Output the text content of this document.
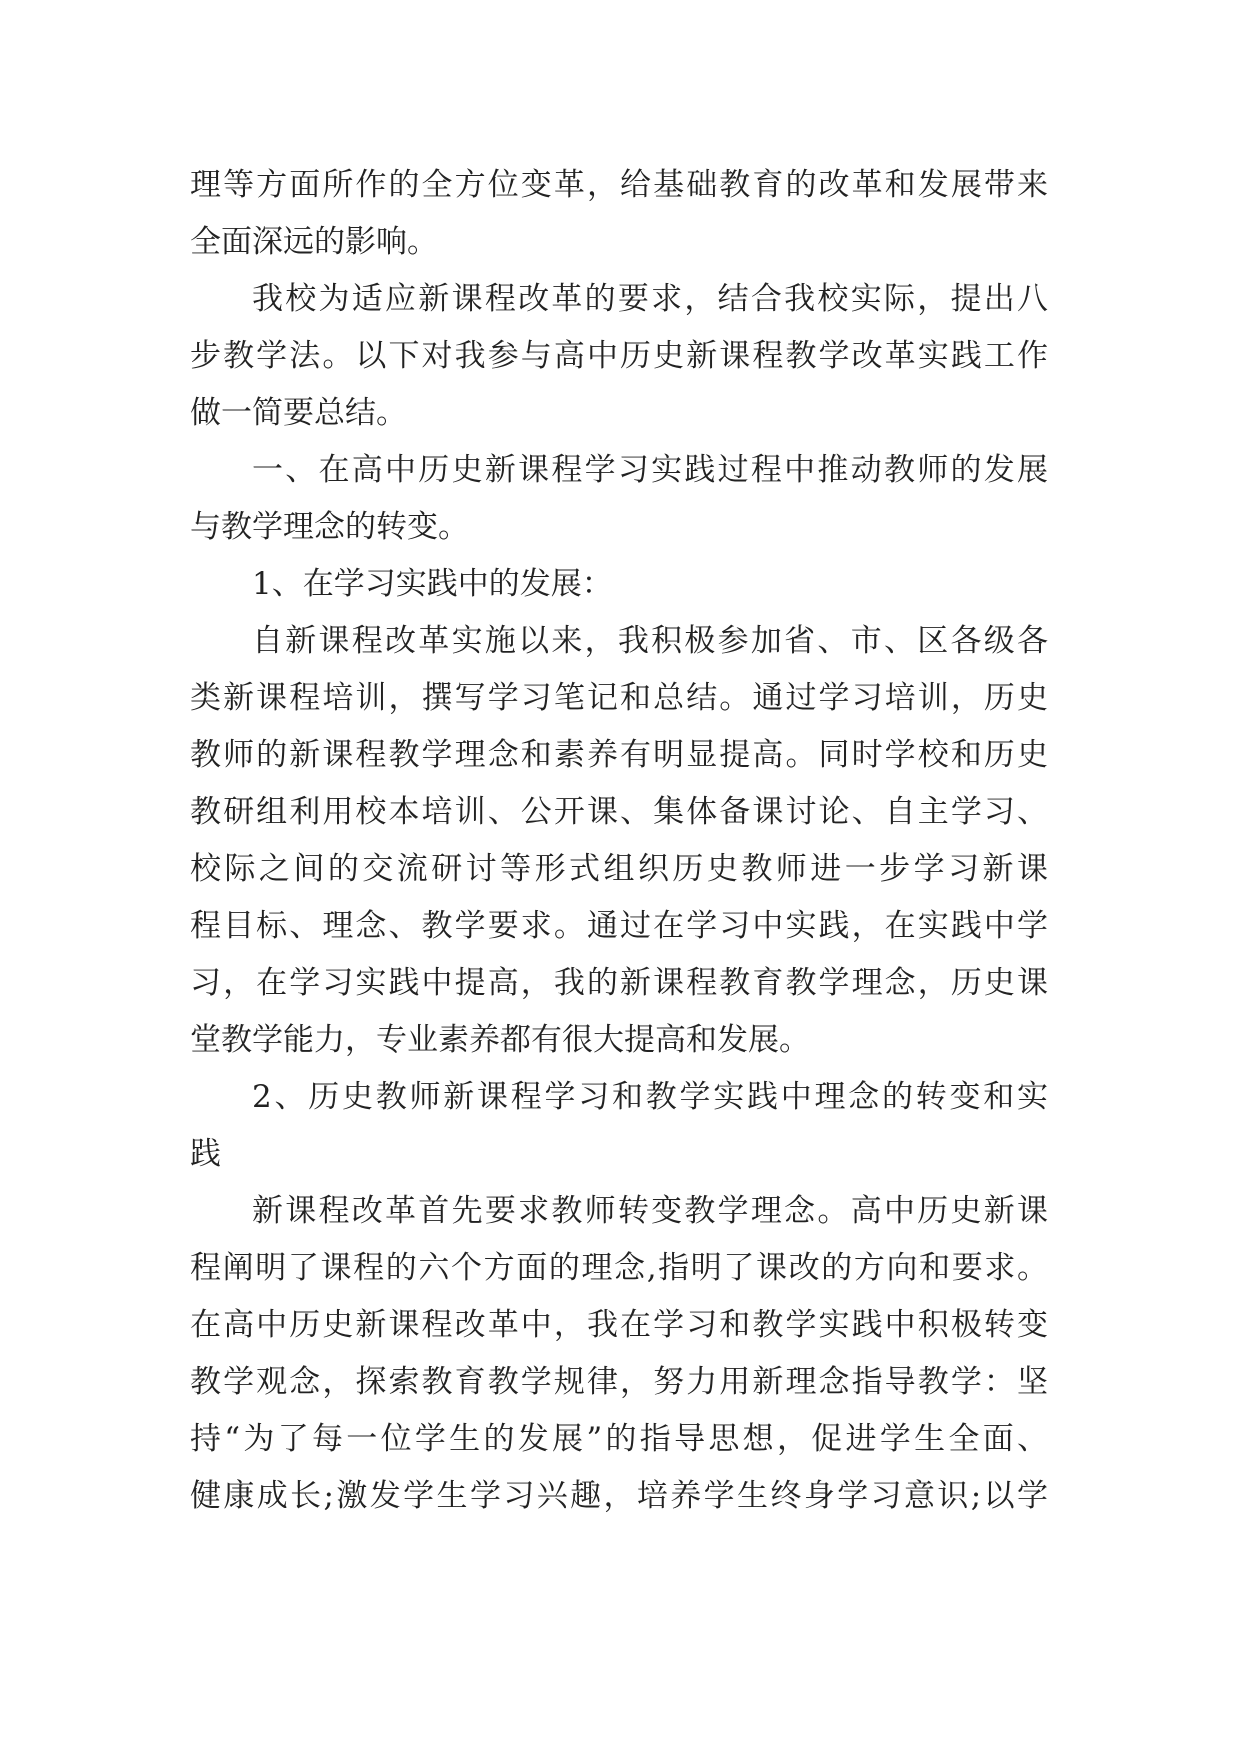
理等方面所作的全方位变革，给基础教育的改革和发展带来
全面深远的影响。
我校为适应新课程改革的要求，结合我校实际，提出八
步教学法。以下对我参与高中历史新课程教学改革实践工作
做一简要总结。
一、在高中历史新课程学习实践过程中推动教师的发展
与教学理念的转变。
1、在学习实践中的发展：
自新课程改革实施以来，我积极参加省、市、区各级各
类新课程培训，撰写学习笔记和总结。通过学习培训，历史
教师的新课程教学理念和素养有明显提高。同时学校和历史
教研组利用校本培训、公开课、集体备课讨论、自主学习、
校际之间的交流研讨等形式组织历史教师进一步学习新课
程目标、理念、教学要求。通过在学习中实践，在实践中学
习，在学习实践中提高，我的新课程教育教学理念，历史课
堂教学能力，专业素养都有很大提高和发展。
2、历史教师新课程学习和教学实践中理念的转变和实
践
新课程改革首先要求教师转变教学理念。高中历史新课
程阐明了课程的六个方面的理念,指明了课改的方向和要求。
在高中历史新课程改革中，我在学习和教学实践中积极转变
教学观念，探索教育教学规律，努力用新理念指导教学：坚
持“为了每一位学生的发展”的指导思想，促进学生全面、
健康成长;激发学生学习兴趣，培养学生终身学习意识;以学
